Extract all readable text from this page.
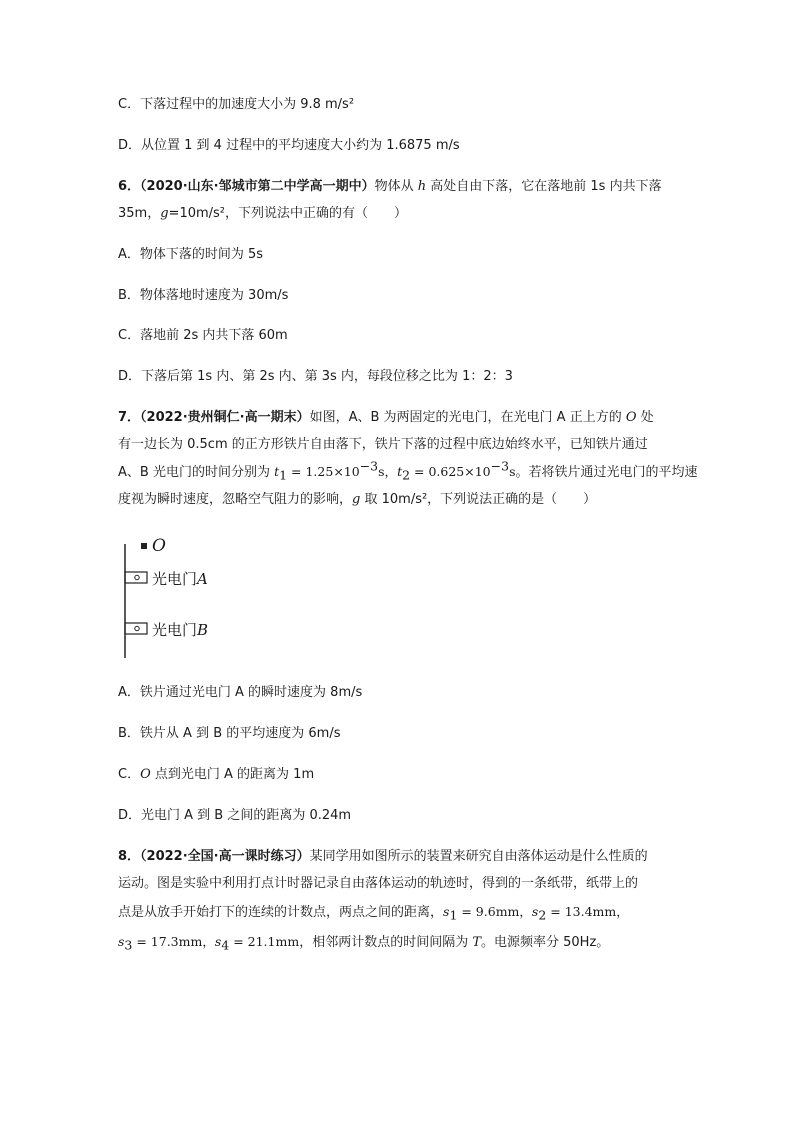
C．下落过程中的加速度大小为 9.8 m/s²
D．从位置 1 到 4 过程中的平均速度大小约为 1.6875 m/s
6．（2020·山东·邹城市第二中学高一期中）物体从 h 高处自由下落，它在落地前 1s 内共下落
35m，g=10m/s²，下列说法中正确的有（　　）
A．物体下落的时间为 5s
B．物体落地时速度为 30m/s
C．落地前 2s 内共下落 60m
D．下落后第 1s 内、第 2s 内、第 3s 内，每段位移之比为 1：2：3
7．（2022·贵州铜仁·高一期末）如图，A、B 为两固定的光电门，在光电门 A 正上方的 O 处
有一边长为 0.5cm 的正方形铁片自由落下，铁片下落的过程中底边始终水平，已知铁片通过
A、B 光电门的时间分别为 $t_1 = 1.25\times 10^{-3}s$，$t_2 = 0.625\times 10^{-3}s$。若将铁片通过光电门的平均速
度视为瞬时速度，忽略空气阻力的影响，g 取 10m/s²，下列说法正确的是（　　）
O
光电门A
光电门B
A．铁片通过光电门 A 的瞬时速度为 8m/s
B．铁片从 A 到 B 的平均速度为 6m/s
C．O 点到光电门 A 的距离为 1m
D．光电门 A 到 B 之间的距离为 0.24m
8．（2022·全国·高一课时练习）某同学用如图所示的装置来研究自由落体运动是什么性质的
运动。图是实验中利用打点计时器记录自由落体运动的轨迹时，得到的一条纸带，纸带上的
点是从放手开始打下的连续的计数点，两点之间的距离，$s_1 = 9.6mm$，$s_2 = 13.4mm$，
$s_3 = 17.3mm$，$s_4 = 21.1mm$，相邻两计数点的时间间隔为 T。电源频率分 50Hz。
